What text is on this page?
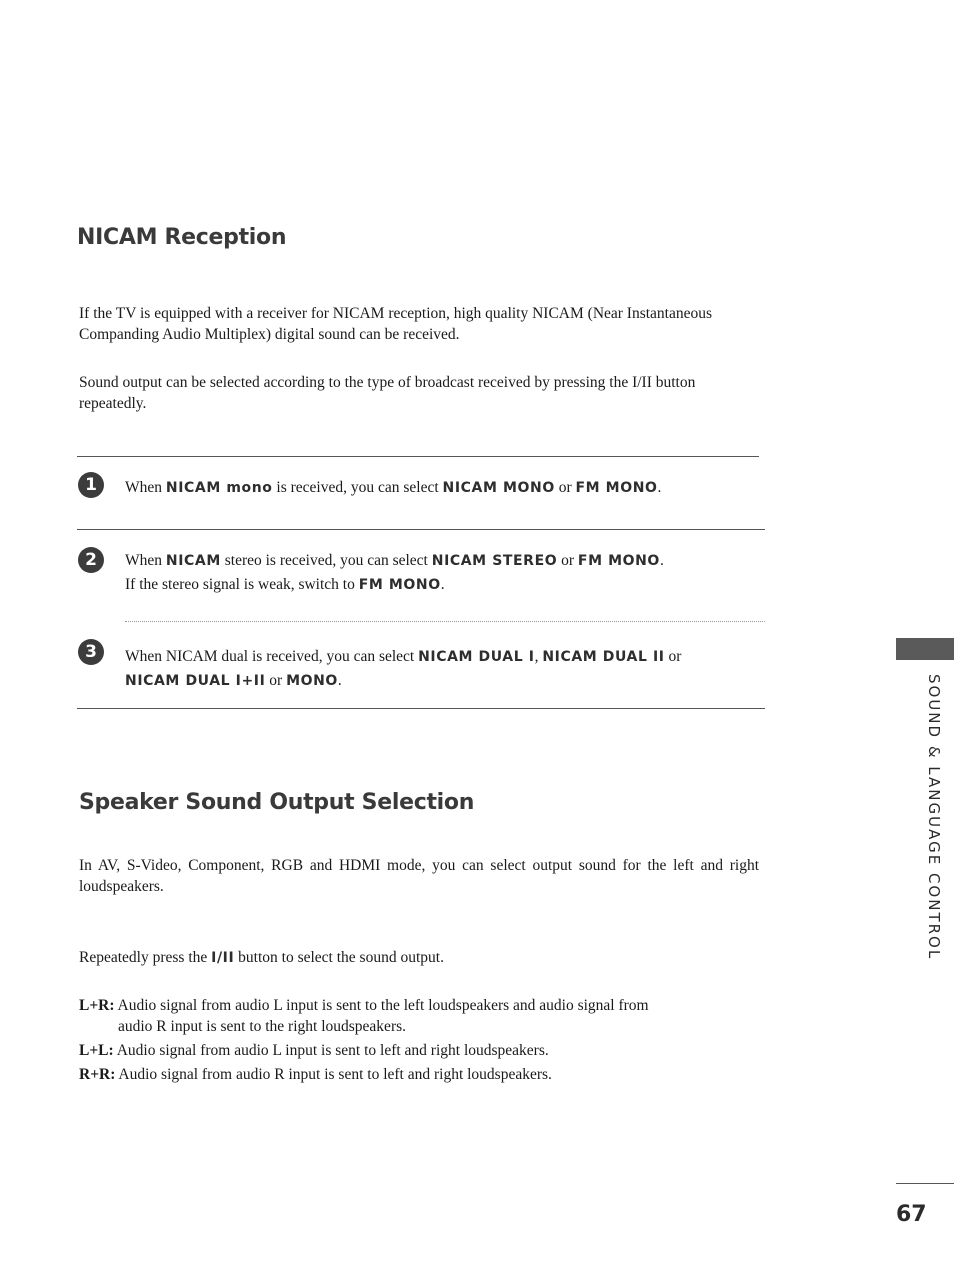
NICAM Reception

If the TV is equipped with a receiver for NICAM reception, high quality NICAM (Near Instantaneous Companding Audio Multiplex) digital sound can be received.

Sound output can be selected according to the type of broadcast received by pressing the I/II button repeatedly.

1	When NICAM mono is received, you can select NICAM MONO or FM MONO.
2	When NICAM stereo is received, you can select NICAM STEREO or FM MONO.
If the stereo signal is weak, switch to FM MONO.
3	When NICAM dual is received, you can select NICAM DUAL I, NICAM DUAL II or
NICAM DUAL I+II or MONO.
Speaker Sound Output Selection

In AV, S-Video, Component, RGB and HDMI mode, you can select output sound for the left and right loudspeakers.

Repeatedly press the I/II button to select the sound output.

L+R: Audio signal from audio L input is sent to the left loudspeakers and audio signal from
audio R input is sent to the right loudspeakers.
L+L: Audio signal from audio L input is sent to left and right loudspeakers.
R+R: Audio signal from audio R input is sent to left and right loudspeakers.
SOUND & LANGUAGE CONTROL
67
